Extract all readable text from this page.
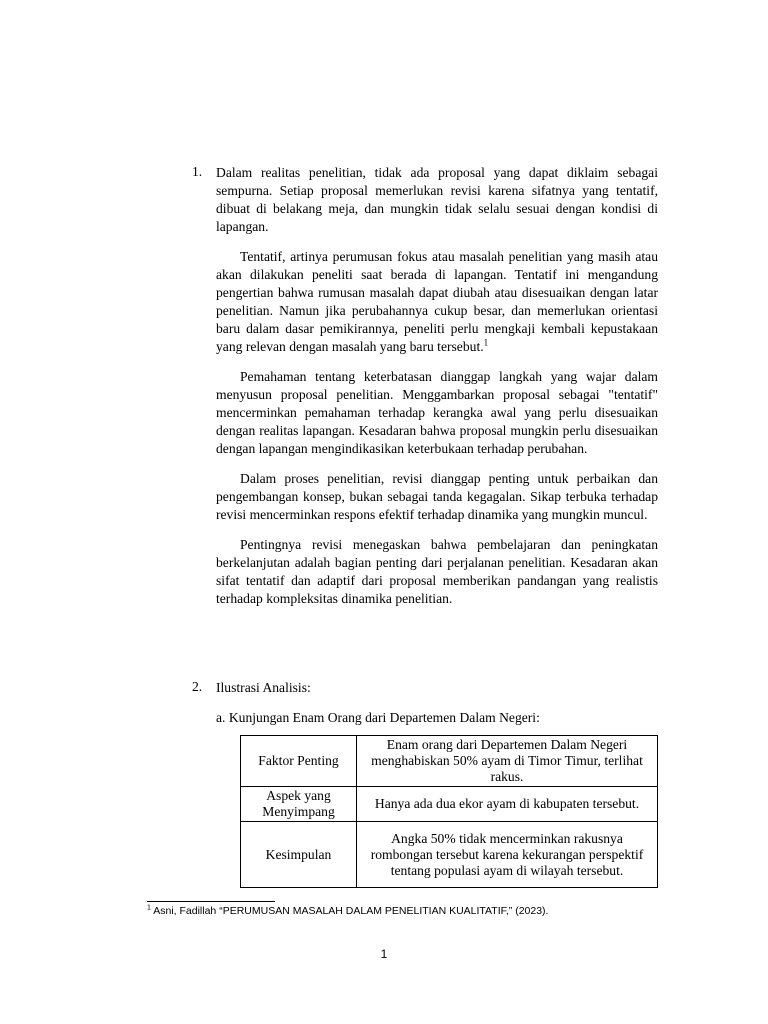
1. Dalam realitas penelitian, tidak ada proposal yang dapat diklaim sebagai sempurna. Setiap proposal memerlukan revisi karena sifatnya yang tentatif, dibuat di belakang meja, dan mungkin tidak selalu sesuai dengan kondisi di lapangan.

Tentatif, artinya perumusan fokus atau masalah penelitian yang masih atau akan dilakukan peneliti saat berada di lapangan. Tentatif ini mengandung pengertian bahwa rumusan masalah dapat diubah atau disesuaikan dengan latar penelitian. Namun jika perubahannya cukup besar, dan memerlukan orientasi baru dalam dasar pemikirannya, peneliti perlu mengkaji kembali kepustakaan yang relevan dengan masalah yang baru tersebut.$^1$

Pemahaman tentang keterbatasan dianggap langkah yang wajar dalam menyusun proposal penelitian. Menggambarkan proposal sebagai "tentatif" mencerminkan pemahaman terhadap kerangka awal yang perlu disesuaikan dengan realitas lapangan. Kesadaran bahwa proposal mungkin perlu disesuaikan dengan lapangan mengindikasikan keterbukaan terhadap perubahan.

Dalam proses penelitian, revisi dianggap penting untuk perbaikan dan pengembangan konsep, bukan sebagai tanda kegagalan. Sikap terbuka terhadap revisi mencerminkan respons efektif terhadap dinamika yang mungkin muncul.

Pentingnya revisi menegaskan bahwa pembelajaran dan peningkatan berkelanjutan adalah bagian penting dari perjalanan penelitian. Kesadaran akan sifat tentatif dan adaptif dari proposal memberikan pandangan yang realistis terhadap kompleksitas dinamika penelitian.

2. Ilustrasi Analisis:

a. Kunjungan Enam Orang dari Departemen Dalam Negeri:
Faktor Penting	Enam orang dari Departemen Dalam Negeri menghabiskan 50% ayam di Timor Timur, terlihat rakus.
Aspek yang Menyimpang	Hanya ada dua ekor ayam di kabupaten tersebut.
Kesimpulan	Angka 50% tidak mencerminkan rakusnya rombongan tersebut karena kekurangan perspektif tentang populasi ayam di wilayah tersebut.
$^1$ Asni, Fadillah “PERUMUSAN MASALAH DALAM PENELITIAN KUALITATIF,” (2023).
1
